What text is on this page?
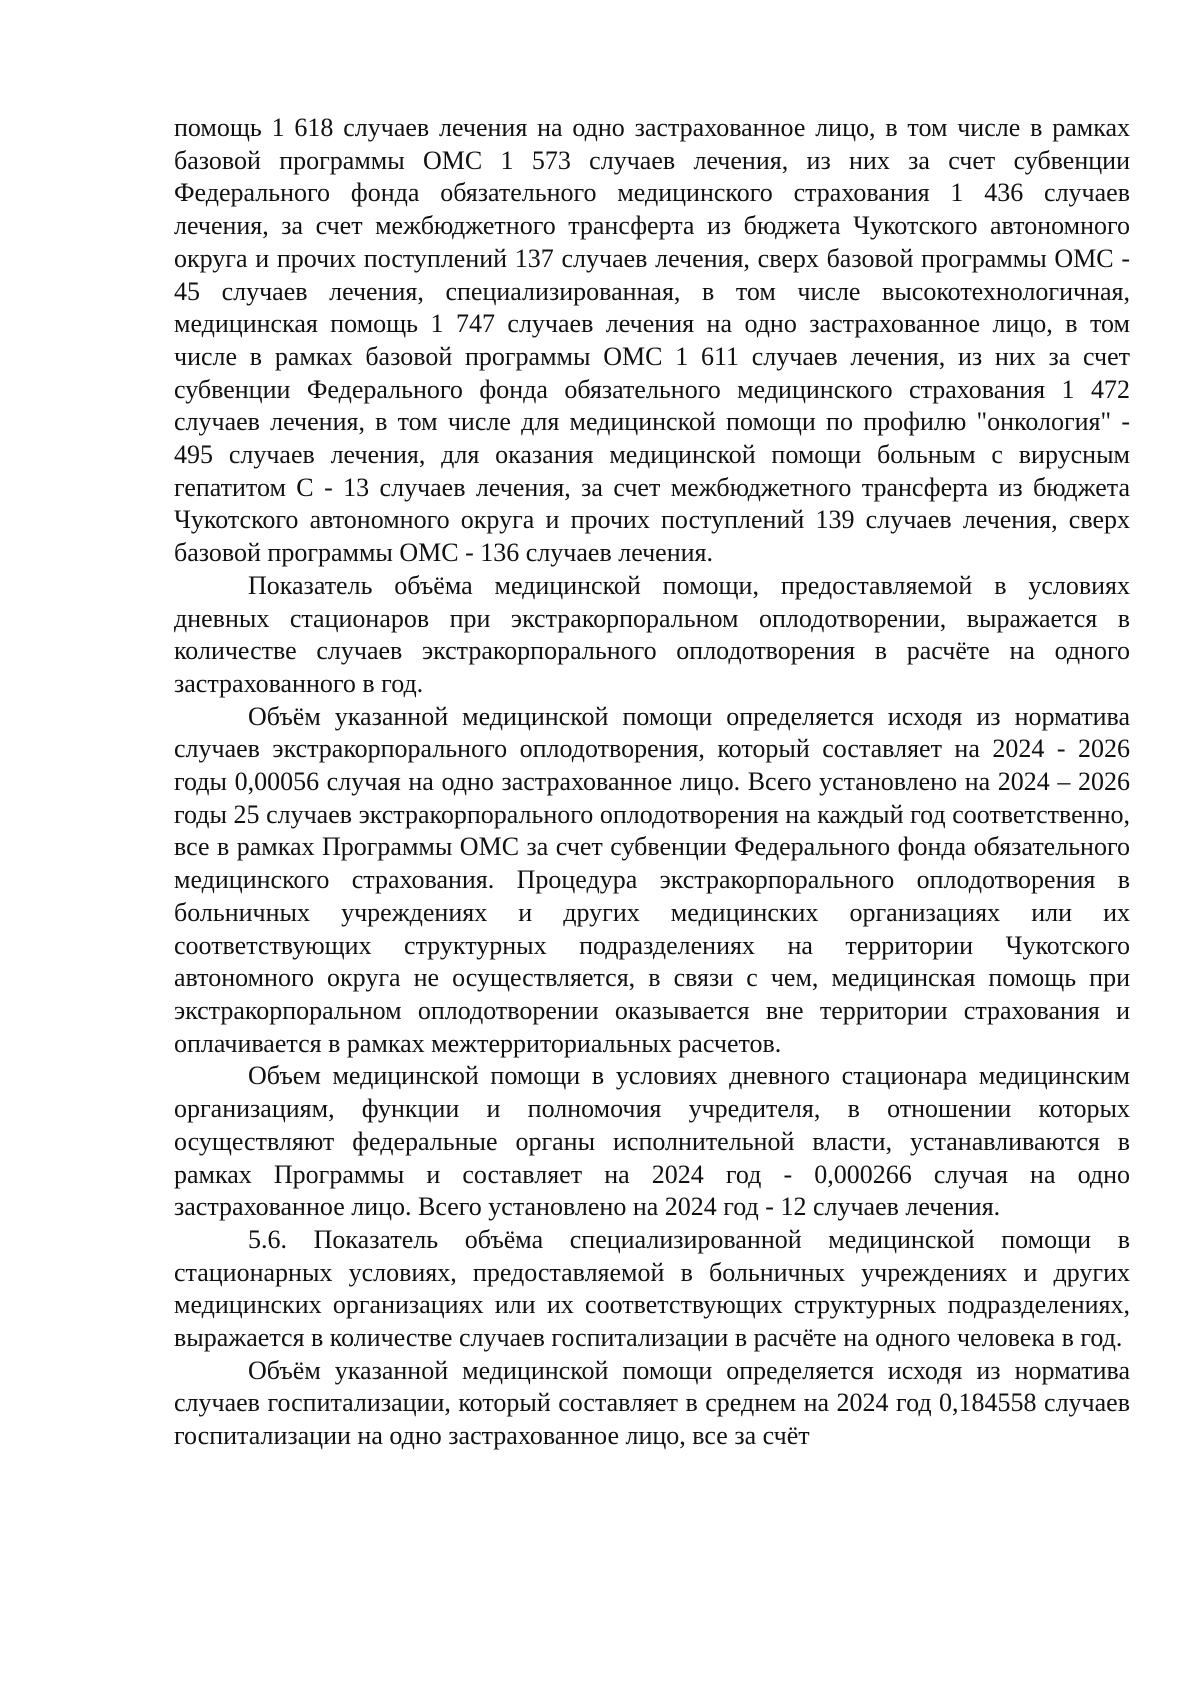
помощь 1 618 случаев лечения на одно застрахованное лицо, в том числе в рамках базовой программы ОМС 1 573 случаев лечения, из них за счет субвенции Федерального фонда обязательного медицинского страхования 1 436 случаев лечения, за счет межбюджетного трансферта из бюджета Чукотского автономного округа и прочих поступлений 137 случаев лечения, сверх базовой программы ОМС - 45 случаев лечения, специализированная, в том числе высокотехнологичная, медицинская помощь 1 747 случаев лечения на одно застрахованное лицо, в том числе в рамках базовой программы ОМС 1 611 случаев лечения, из них за счет субвенции Федерального фонда обязательного медицинского страхования 1 472 случаев лечения, в том числе для медицинской помощи по профилю "онкология" - 495 случаев лечения, для оказания медицинской помощи больным с вирусным гепатитом С - 13 случаев лечения, за счет межбюджетного трансферта из бюджета Чукотского автономного округа и прочих поступлений 139 случаев лечения, сверх базовой программы ОМС - 136 случаев лечения.

Показатель объёма медицинской помощи, предоставляемой в условиях дневных стационаров при экстракорпоральном оплодотворении, выражается в количестве случаев экстракорпорального оплодотворения в расчёте на одного застрахованного в год.

Объём указанной медицинской помощи определяется исходя из норматива случаев экстракорпорального оплодотворения, который составляет на 2024 - 2026 годы 0,00056 случая на одно застрахованное лицо. Всего установлено на 2024 – 2026 годы 25 случаев экстракорпорального оплодотворения на каждый год соответственно, все в рамках Программы ОМС за счет субвенции Федерального фонда обязательного медицинского страхования. Процедура экстракорпорального оплодотворения в больничных учреждениях и других медицинских организациях или их соответствующих структурных подразделениях на территории Чукотского автономного округа не осуществляется, в связи с чем, медицинская помощь при экстракорпоральном оплодотворении оказывается вне территории страхования и оплачивается в рамках межтерриториальных расчетов.

Объем медицинской помощи в условиях дневного стационара медицинским организациям, функции и полномочия учредителя, в отношении которых осуществляют федеральные органы исполнительной власти, устанавливаются в рамках Программы и составляет на 2024 год - 0,000266 случая на одно застрахованное лицо. Всего установлено на 2024 год - 12 случаев лечения.

5.6. Показатель объёма специализированной медицинской помощи в стационарных условиях, предоставляемой в больничных учреждениях и других медицинских организациях или их соответствующих структурных подразделениях, выражается в количестве случаев госпитализации в расчёте на одного человека в год.

Объём указанной медицинской помощи определяется исходя из норматива случаев госпитализации, который составляет в среднем на 2024 год 0,184558 случаев госпитализации на одно застрахованное лицо, все за счёт
